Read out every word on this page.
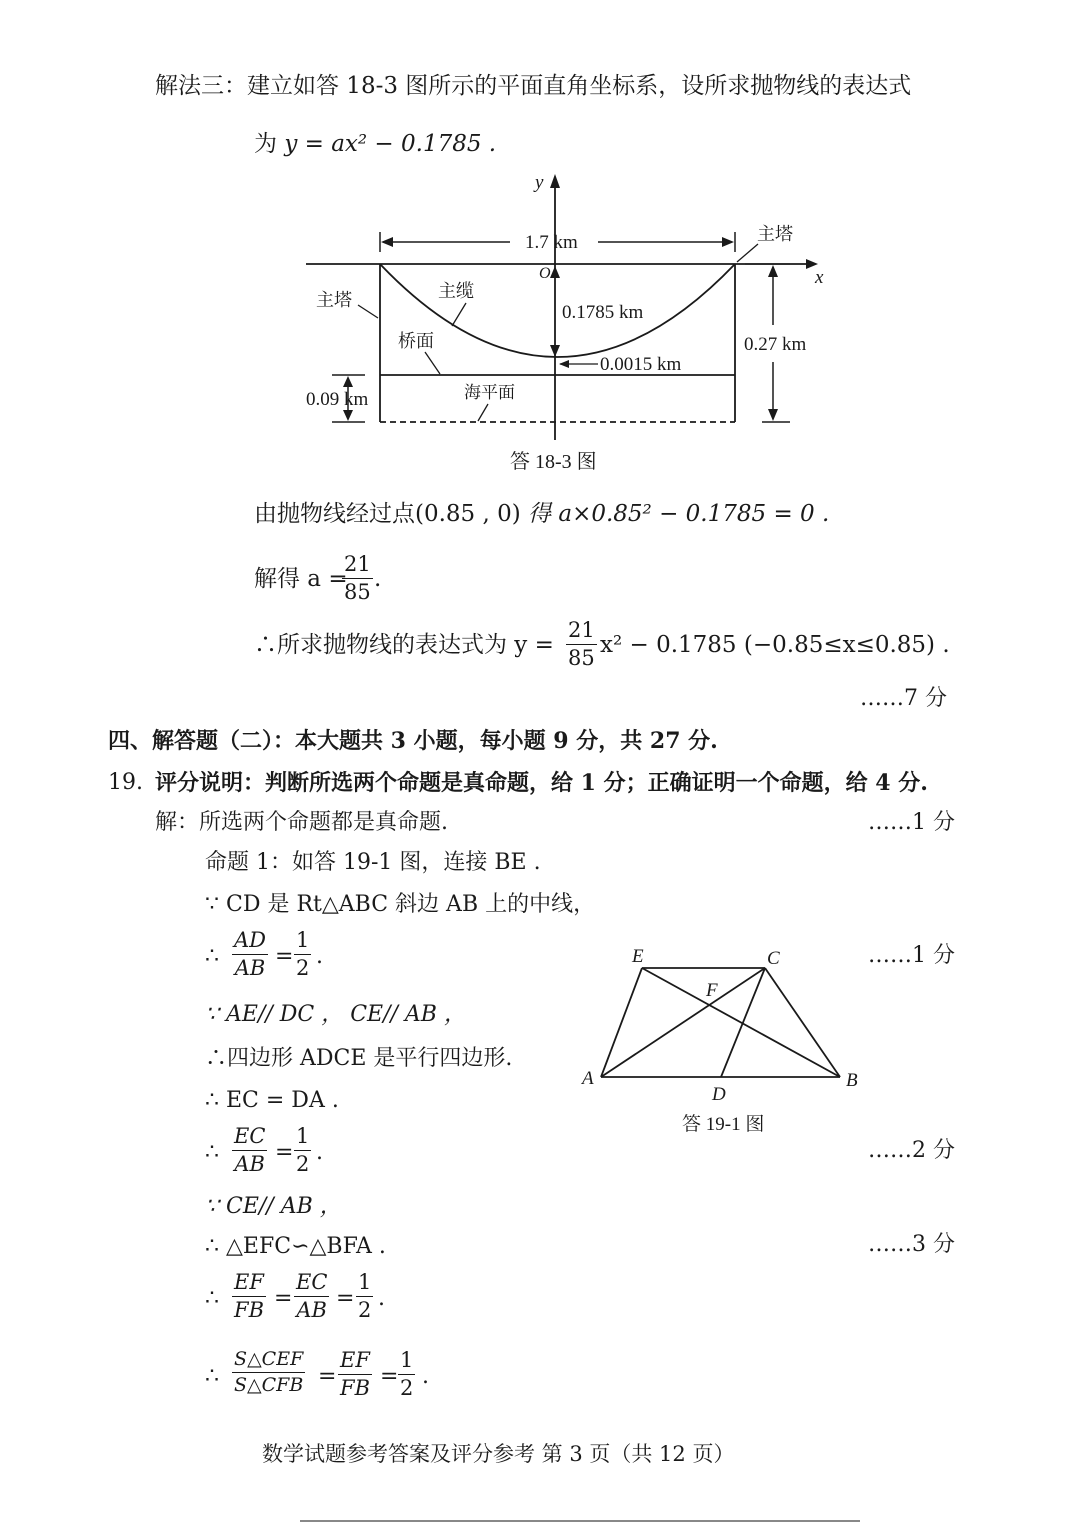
解法三：建立如答 18-3 图所示的平面直角坐标系，设所求抛物线的表达式
为 y = ax² − 0.1785 .
y
x
O
1.7 km	主塔
主塔	主缆
桥面
海平面
0.1785 km
0.0015 km
0.27 km
0.09 km
答 18-3 图
由抛物线经过点(0.85 , 0) 得 a×0.85² − 0.1785 = 0 .
解得 a =
21
85 .
∴所求抛物线的表达式为 y =
21
85 x² − 0.1785 (−0.85≤x≤0.85) .
……7 分
四、解答题（二）：本大题共 3 小题，每小题 9 分，共 27 分.
19. 评分说明：判断所选两个命题是真命题，给 1 分；正确证明一个命题，给 4 分.
解：所选两个命题都是真命题.	……1 分
命题 1：如答 19-1 图，连接 BE .
∵ CD 是 Rt△ABC 斜边 AB 上的中线，
∴
AD
AB =
1
2 .	……1 分
∵ AE// DC ， CE// AB ，
∴四边形 ADCE 是平行四边形.
∴ EC = DA .
∴
EC
AB =
1
2 .	……2 分
∵ CE// AB ，
∴ △EFC∽△BFA .	……3 分
∴
EF
FB =
EC
AB =
1
2 .
∴
S△CEF
S△CFB =
EF
FB =
1
2 .
E	C
F
A
D
B
答 19-1 图
数学试题参考答案及评分参考 第 3 页（共 12 页）
